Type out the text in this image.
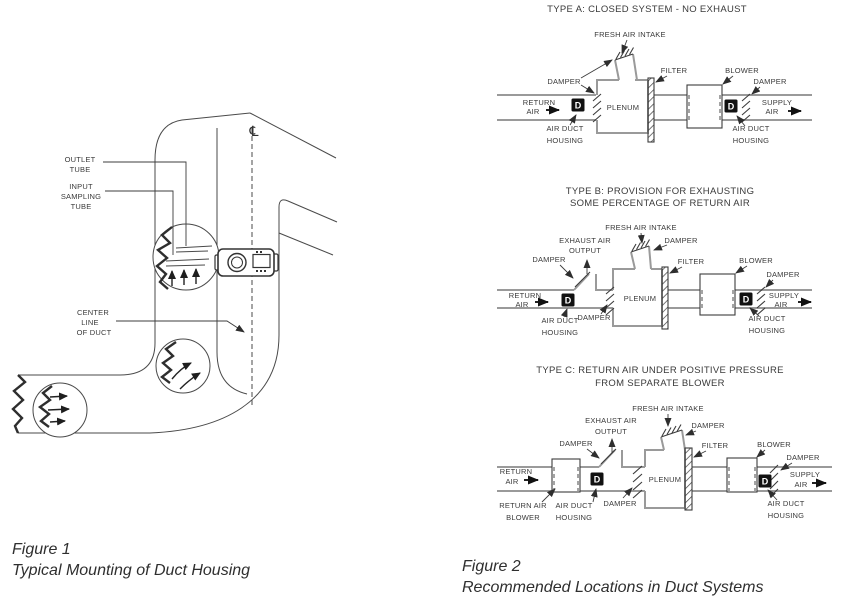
℄
OUTLET
TUBE
INPUT
SAMPLING
TUBE
CENTER
LINE
OF DUCT
TYPE A: CLOSED SYSTEM - NO EXHAUST
PLENUM
D	D
FRESH AIR INTAKE
DAMPER
RETURN
AIR
AIR DUCT
HOUSING
FILTER	BLOWER
DAMPER
SUPPLY
AIR
AIR DUCT
HOUSING
TYPE B: PROVISION FOR EXHAUSTING
SOME PERCENTAGE OF RETURN AIR
PLENUM
D	D
FRESH AIR INTAKE
DAMPER
EXHAUST AIR
OUTPUT
DAMPER
RETURN
AIR
AIR DUCT
HOUSING
DAMPER
FILTER	BLOWER
DAMPER
SUPPLY
AIR
AIR DUCT
HOUSING
TYPE C: RETURN AIR UNDER POSITIVE PRESSURE
FROM SEPARATE BLOWER
PLENUM
D	D
FRESH AIR INTAKE
DAMPER
EXHAUST AIR
OUTPUT
DAMPER
RETURN
AIR
RETURN AIR
BLOWER
AIR DUCT
HOUSING
DAMPER
FILTER	BLOWER
DAMPER
SUPPLY
AIR
AIR DUCT
HOUSING
Figure 1
Typical Mounting of Duct Housing	Figure 2
Recommended Locations in Duct Systems
